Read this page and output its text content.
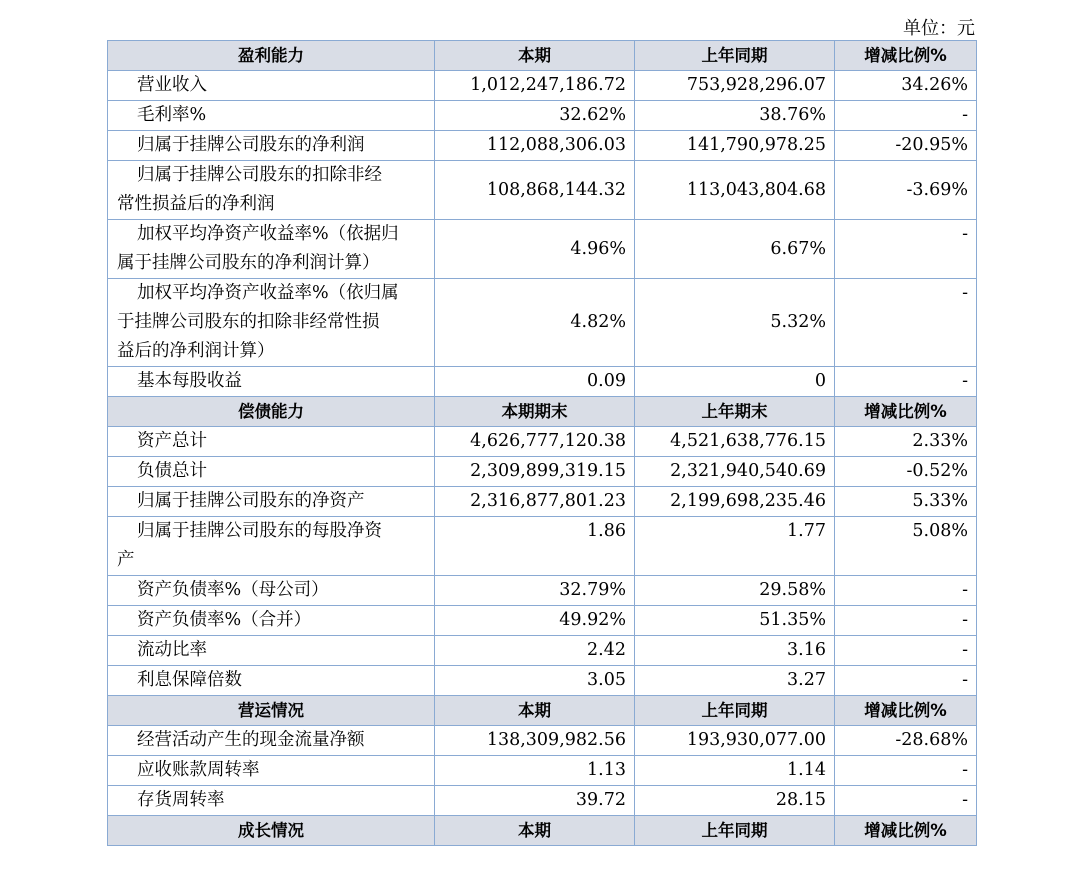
单位：元
盈利能力	本期	上年同期	增减比例%
营业收入	1,012,247,186.72	753,928,296.07	34.26%
毛利率%	32.62%	38.76%	-
归属于挂牌公司股东的净利润	112,088,306.03	141,790,978.25	-20.95%

归属于挂牌公司股东的扣除非经
常性损益后的净利润	108,868,144.32	113,043,804.68	-3.69%

加权平均净资产收益率%（依据归
属于挂牌公司股东的净利润计算）	4.96%	6.67%	-

加权平均净资产收益率%（依归属
于挂牌公司股东的扣除非经常性损
益后的净利润计算）	4.82%	5.32%	-
基本每股收益	0.09	0	-
偿债能力	本期期末	上年期末	增减比例%
资产总计	4,626,777,120.38	4,521,638,776.15	2.33%
负债总计	2,309,899,319.15	2,321,940,540.69	-0.52%
归属于挂牌公司股东的净资产	2,316,877,801.23	2,199,698,235.46	5.33%

归属于挂牌公司股东的每股净资
产	1.86	1.77	5.08%
资产负债率%（母公司）	32.79%	29.58%	-
资产负债率%（合并）	49.92%	51.35%	-
流动比率	2.42	3.16	-
利息保障倍数	3.05	3.27	-
营运情况	本期	上年同期	增减比例%
经营活动产生的现金流量净额	138,309,982.56	193,930,077.00	-28.68%
应收账款周转率	1.13	1.14	-
存货周转率	39.72	28.15	-
成长情况	本期	上年同期	增减比例%
